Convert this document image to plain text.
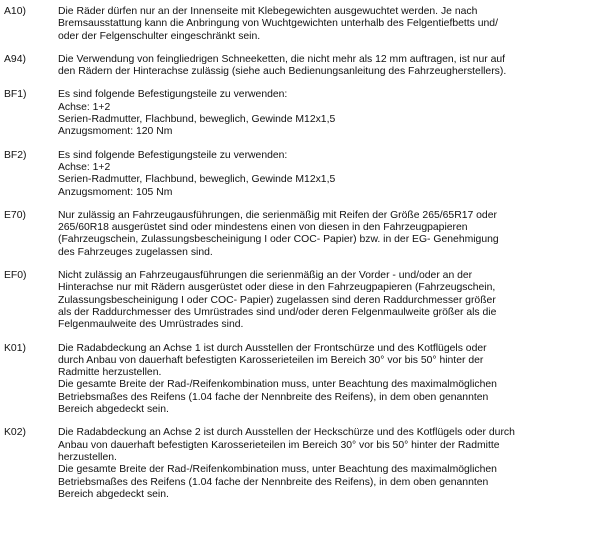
A10)	Die Räder dürfen nur an der Innenseite mit Klebegewichten ausgewuchtet werden. Je nach
Bremsausstattung kann die Anbringung von Wuchtgewichten unterhalb des Felgentiefbetts und/
oder der Felgenschulter eingeschränkt sein.
A94)	Die Verwendung von feingliedrigen Schneeketten, die nicht mehr als 12 mm auftragen, ist nur auf
den Rädern der Hinterachse zulässig (siehe auch Bedienungsanleitung des Fahrzeugherstellers).
BF1)	Es sind folgende Befestigungsteile zu verwenden:
Achse: 1+2
Serien-Radmutter, Flachbund, beweglich, Gewinde M12x1,5
Anzugsmoment: 120 Nm
BF2)	Es sind folgende Befestigungsteile zu verwenden:
Achse: 1+2
Serien-Radmutter, Flachbund, beweglich, Gewinde M12x1,5
Anzugsmoment: 105 Nm
E70)	Nur zulässig an Fahrzeugausführungen, die serienmäßig mit Reifen der Größe 265/65R17 oder
265/60R18 ausgerüstet sind oder mindestens einen von diesen in den Fahrzeugpapieren
(Fahrzeugschein, Zulassungsbescheinigung I oder COC- Papier) bzw. in der EG- Genehmigung
des Fahrzeuges zugelassen sind.
EF0)	Nicht zulässig an Fahrzeugausführungen die serienmäßig an der Vorder - und/oder an der
Hinterachse nur mit Rädern ausgerüstet oder diese in den Fahrzeugpapieren (Fahrzeugschein,
Zulassungsbescheinigung I oder COC- Papier) zugelassen sind deren Raddurchmesser größer
als der Raddurchmesser des Umrüstrades sind und/oder deren Felgenmaulweite größer als die
Felgenmaulweite des Umrüstrades sind.
K01)	Die Radabdeckung an Achse 1 ist durch Ausstellen der Frontschürze und des Kotflügels oder
durch Anbau von dauerhaft befestigten Karosserieteilen im Bereich 30° vor bis 50° hinter der
Radmitte herzustellen.
Die gesamte Breite der Rad-/Reifenkombination muss, unter Beachtung des maximalmöglichen
Betriebsmaßes des Reifens (1.04 fache der Nennbreite des Reifens), in dem oben genannten
Bereich abgedeckt sein.
K02)	Die Radabdeckung an Achse 2 ist durch Ausstellen der Heckschürze und des Kotflügels oder durch
Anbau von dauerhaft befestigten Karosserieteilen im Bereich 30° vor bis 50° hinter der Radmitte
herzustellen.
Die gesamte Breite der Rad-/Reifenkombination muss, unter Beachtung des maximalmöglichen
Betriebsmaßes des Reifens (1.04 fache der Nennbreite des Reifens), in dem oben genannten
Bereich abgedeckt sein.
